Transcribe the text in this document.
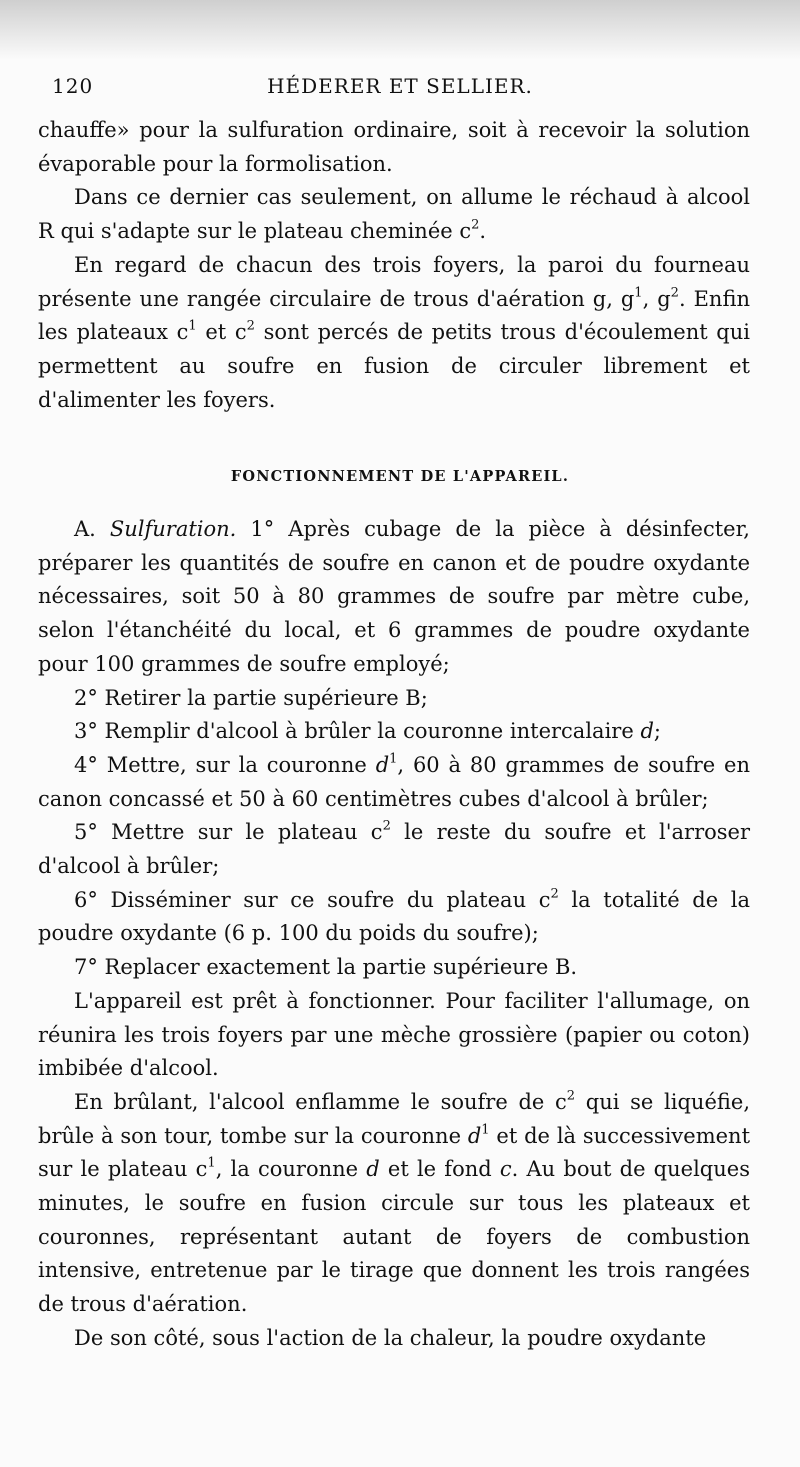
120	HÉDERER ET SELLIER.

chauffe» pour la sulfuration ordinaire, soit à recevoir la solution évaporable pour la formolisation.

Dans ce dernier cas seulement, on allume le réchaud à alcool R qui s'adapte sur le plateau cheminée $c^2$.

En regard de chacun des trois foyers, la paroi du fourneau présente une rangée circulaire de trous d'aération g, $g^1$, $g^2$. Enfin les plateaux $c^1$ et $c^2$ sont percés de petits trous d'écoulement qui permettent au soufre en fusion de circuler librement et d'alimenter les foyers.

FONCTIONNEMENT DE L'APPAREIL.

A. Sulfuration. 1° Après cubage de la pièce à désinfecter, préparer les quantités de soufre en canon et de poudre oxydante nécessaires, soit 50 à 80 grammes de soufre par mètre cube, selon l'étanchéité du local, et 6 grammes de poudre oxydante pour 100 grammes de soufre employé;

2° Retirer la partie supérieure B;

3° Remplir d'alcool à brûler la couronne intercalaire d;

4° Mettre, sur la couronne $d^1$, 60 à 80 grammes de soufre en canon concassé et 50 à 60 centimètres cubes d'alcool à brûler;

5° Mettre sur le plateau $c^2$ le reste du soufre et l'arroser d'alcool à brûler;

6° Disséminer sur ce soufre du plateau $c^2$ la totalité de la poudre oxydante (6 p. 100 du poids du soufre);

7° Replacer exactement la partie supérieure B.

L'appareil est prêt à fonctionner. Pour faciliter l'allumage, on réunira les trois foyers par une mèche grossière (papier ou coton) imbibée d'alcool.

En brûlant, l'alcool enflamme le soufre de $c^2$ qui se liquéfie, brûle à son tour, tombe sur la couronne $d^1$ et de là successivement sur le plateau $c^1$, la couronne d et le fond c. Au bout de quelques minutes, le soufre en fusion circule sur tous les plateaux et couronnes, représentant autant de foyers de combustion intensive, entretenue par le tirage que donnent les trois rangées de trous d'aération.

De son côté, sous l'action de la chaleur, la poudre oxydante
